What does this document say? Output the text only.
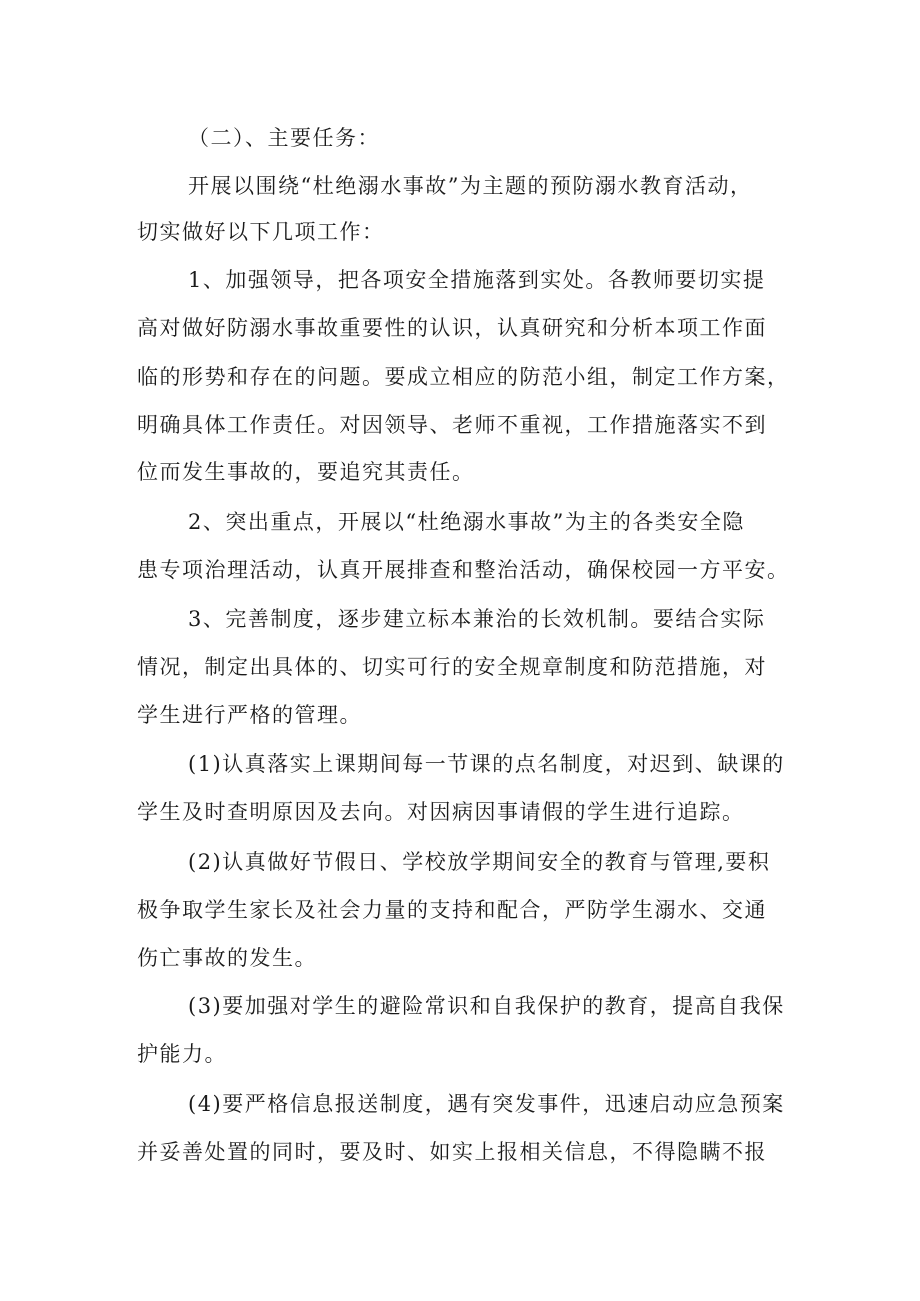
（二）、主要任务：
开展以围绕“杜绝溺水事故”为主题的预防溺水教育活动，
切实做好以下几项工作：
1、加强领导，把各项安全措施落到实处。各教师要切实提
高对做好防溺水事故重要性的认识，认真研究和分析本项工作面
临的形势和存在的问题。要成立相应的防范小组，制定工作方案，
明确具体工作责任。对因领导、老师不重视，工作措施落实不到
位而发生事故的，要追究其责任。
2、突出重点，开展以“杜绝溺水事故”为主的各类安全隐
患专项治理活动，认真开展排查和整治活动，确保校园一方平安。
3、完善制度，逐步建立标本兼治的长效机制。要结合实际
情况，制定出具体的、切实可行的安全规章制度和防范措施，对
学生进行严格的管理。
(1)认真落实上课期间每一节课的点名制度，对迟到、缺课的
学生及时查明原因及去向。对因病因事请假的学生进行追踪。
(2)认真做好节假日、学校放学期间安全的教育与管理,要积
极争取学生家长及社会力量的支持和配合，严防学生溺水、交通
伤亡事故的发生。
(3)要加强对学生的避险常识和自我保护的教育，提高自我保
护能力。
(4)要严格信息报送制度，遇有突发事件，迅速启动应急预案
并妥善处置的同时，要及时、如实上报相关信息，不得隐瞒不报
